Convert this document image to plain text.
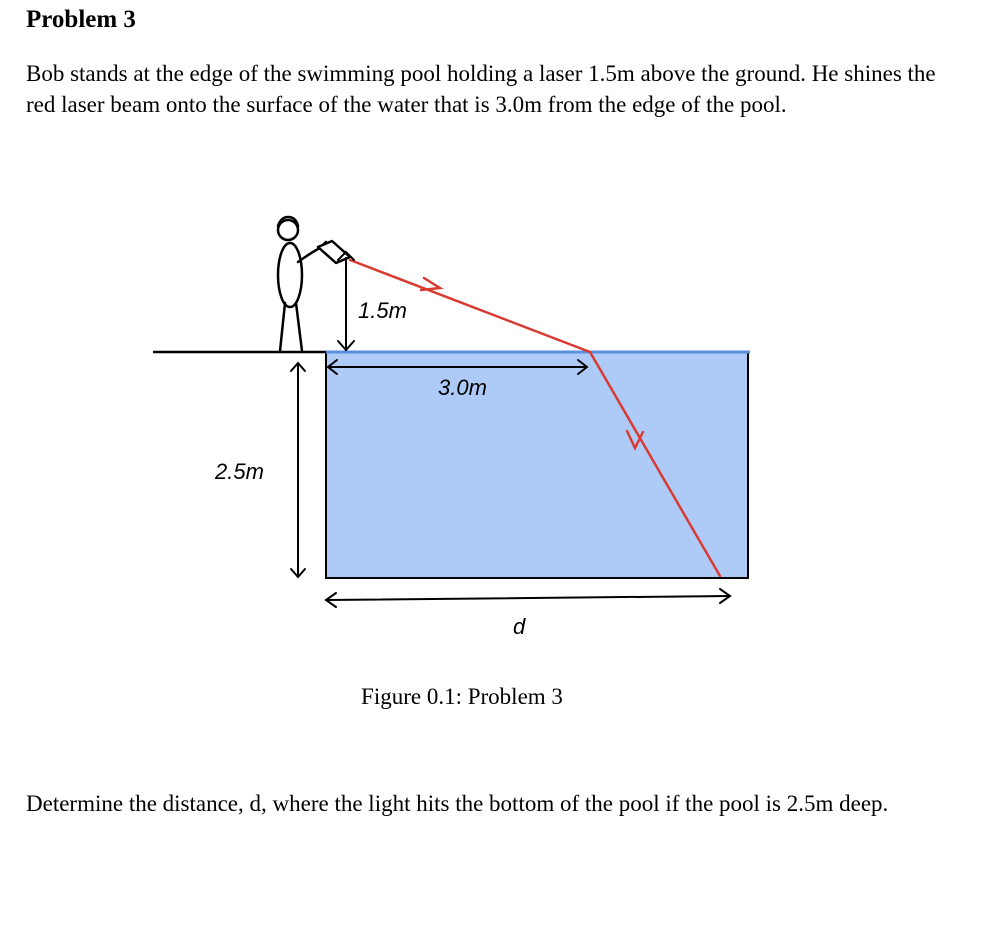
Problem 3

Bob stands at the edge of the swimming pool holding a laser 1.5m above the ground. He shines the red laser beam onto the surface of the water that is 3.0m from the edge of the pool.

1.5m
3.0m
2.5m
d
Figure 0.1: Problem 3

Determine the distance, d, where the light hits the bottom of the pool if the pool is 2.5m deep.
